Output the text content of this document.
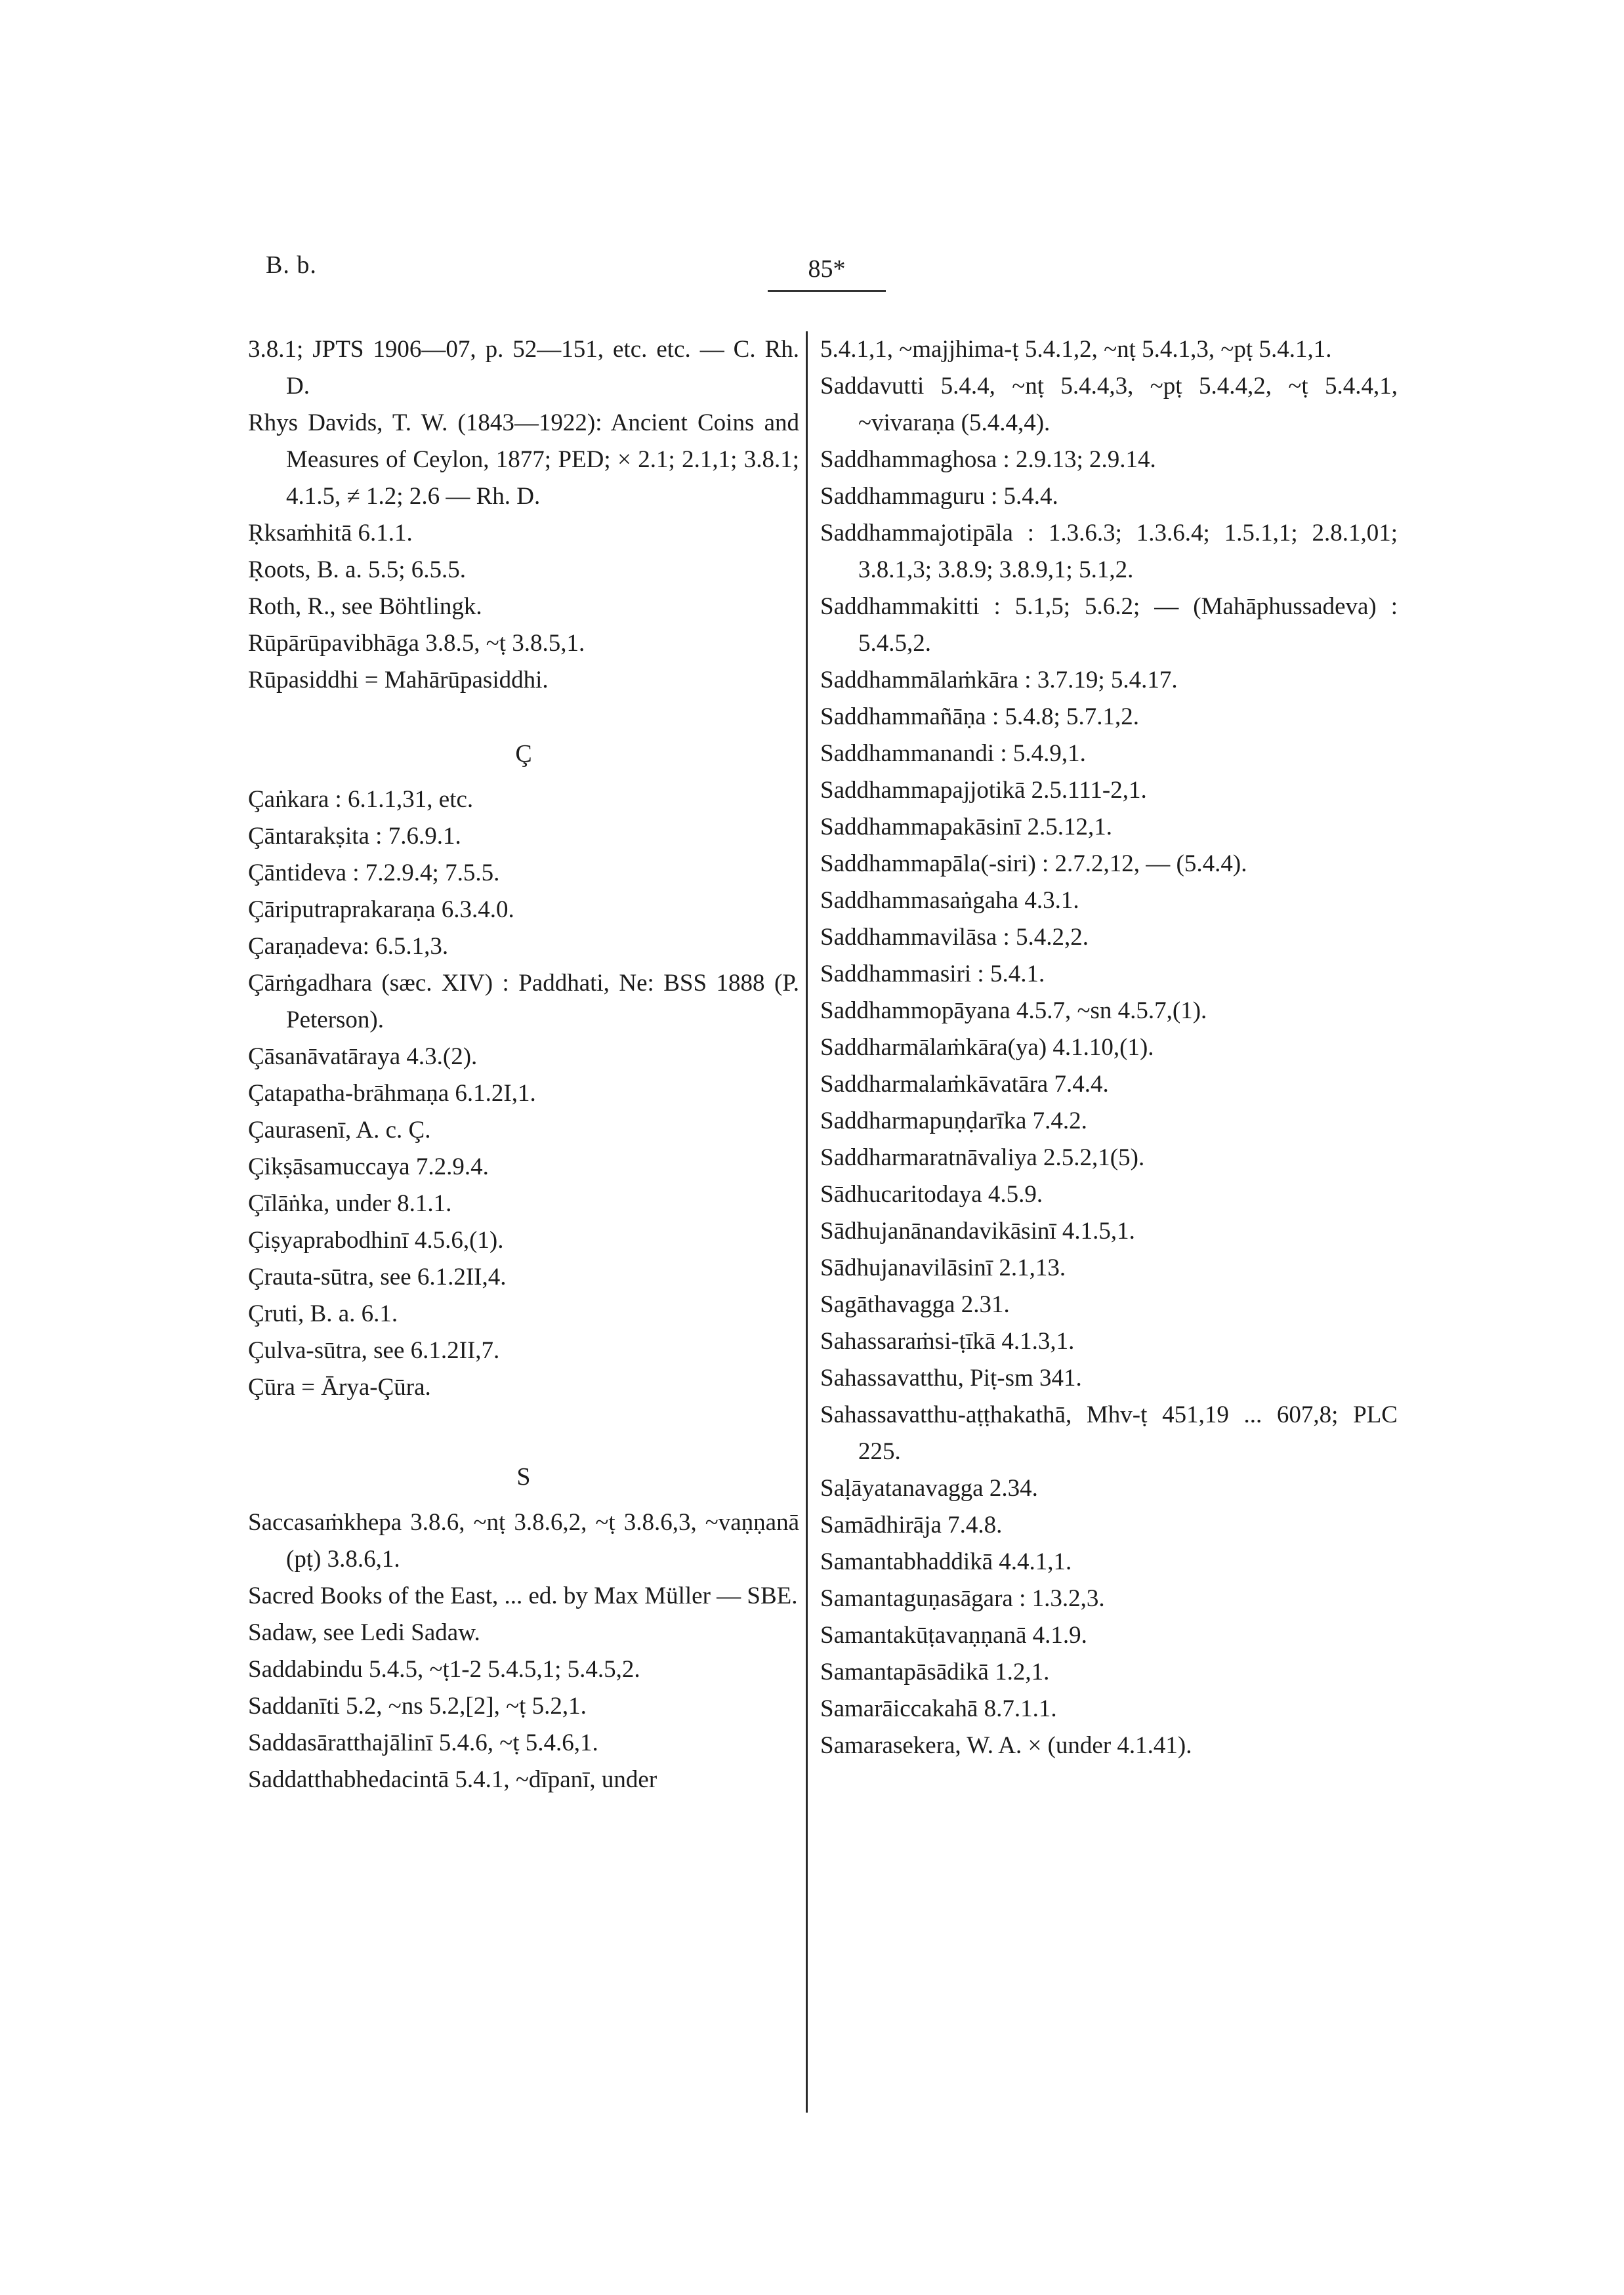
B. b.	85*
3.8.1; JPTS 1906—07, p. 52—151, etc. etc. — C. Rh. D.
Rhys Davids, T. W. (1843—1922): Ancient Coins and Measures of Ceylon, 1877; PED; × 2.1; 2.1,1; 3.8.1; 4.1.5, ≠ 1.2; 2.6 — Rh. D.
Ṛksaṁhitā 6.1.1.
Ṛoots, B. a. 5.5; 6.5.5.
Roth, R., see Böhtlingk.
Rūpārūpavibhāga 3.8.5, ~ṭ 3.8.5,1.
Rūpasiddhi = Mahārūpasiddhi.
Ç
Çaṅkara : 6.1.1,31, etc.
Çāntarakṣita : 7.6.9.1.
Çāntideva : 7.2.9.4; 7.5.5.
Çāriputraprakaraṇa 6.3.4.0.
Çaraṇadeva: 6.5.1,3.
Çārṅgadhara (sæc. XIV) : Paddhati, Ne: BSS 1888 (P. Peterson).
Çāsanāvatāraya 4.3.(2).
Çatapatha-brāhmaṇa 6.1.2I,1.
Çaurasenī, A. c. Ç.
Çikṣāsamuccaya 7.2.9.4.
Çīlāṅka, under 8.1.1.
Çiṣyaprabodhinī 4.5.6,(1).
Çrauta-sūtra, see 6.1.2II,4.
Çruti, B. a. 6.1.
Çulva-sūtra, see 6.1.2II,7.
Çūra = Ārya-Çūra.
S
Saccasaṁkhepa 3.8.6, ~nṭ 3.8.6,2, ~ṭ 3.8.6,3, ~vaṇṇanā (pṭ) 3.8.6,1.
Sacred Books of the East, ... ed. by Max Müller — SBE.
Sadaw, see Ledi Sadaw.
Saddabindu 5.4.5, ~ṭ1-2 5.4.5,1; 5.4.5,2.
Saddanīti 5.2, ~ns 5.2,[2], ~ṭ 5.2,1.
Saddasāratthajālinī 5.4.6, ~ṭ 5.4.6,1.
Saddatthabhedacintā 5.4.1, ~dīpanī, under
5.4.1,1, ~majjhima-ṭ 5.4.1,2, ~nṭ 5.4.1,3, ~pṭ 5.4.1,1.
Saddavutti 5.4.4, ~nṭ 5.4.4,3, ~pṭ 5.4.4,2, ~ṭ 5.4.4,1, ~vivaraṇa (5.4.4,4).
Saddhammaghosa : 2.9.13; 2.9.14.
Saddhammaguru : 5.4.4.
Saddhammajotipāla : 1.3.6.3; 1.3.6.4; 1.5.1,1; 2.8.1,01; 3.8.1,3; 3.8.9; 3.8.9,1; 5.1,2.
Saddhammakitti : 5.1,5; 5.6.2; — (Mahāphussadeva) : 5.4.5,2.
Saddhammālaṁkāra : 3.7.19; 5.4.17.
Saddhammañāṇa : 5.4.8; 5.7.1,2.
Saddhammanandi : 5.4.9,1.
Saddhammapajjotikā 2.5.111-2,1.
Saddhammapakāsinī 2.5.12,1.
Saddhammapāla(-siri) : 2.7.2,12, — (5.4.4).
Saddhammasaṅgaha 4.3.1.
Saddhammavilāsa : 5.4.2,2.
Saddhammasiri : 5.4.1.
Saddhammopāyana 4.5.7, ~sn 4.5.7,(1).
Saddharmālaṁkāra(ya) 4.1.10,(1).
Saddharmalaṁkāvatāra 7.4.4.
Saddharmapuṇḍarīka 7.4.2.
Saddharmaratnāvaliya 2.5.2,1(5).
Sādhucaritodaya 4.5.9.
Sādhujanānandavikāsinī 4.1.5,1.
Sādhujanavilāsinī 2.1,13.
Sagāthavagga 2.31.
Sahassaraṁsi-ṭīkā 4.1.3,1.
Sahassavatthu, Piṭ-sm 341.
Sahassavatthu-aṭṭhakathā, Mhv-ṭ 451,19 ... 607,8; PLC 225.
Saḷāyatanavagga 2.34.
Samādhirāja 7.4.8.
Samantabhaddikā 4.4.1,1.
Samantaguṇasāgara : 1.3.2,3.
Samantakūṭavaṇṇanā 4.1.9.
Samantapāsādikā 1.2,1.
Samarāiccakahā 8.7.1.1.
Samarasekera, W. A. × (under 4.1.41).
